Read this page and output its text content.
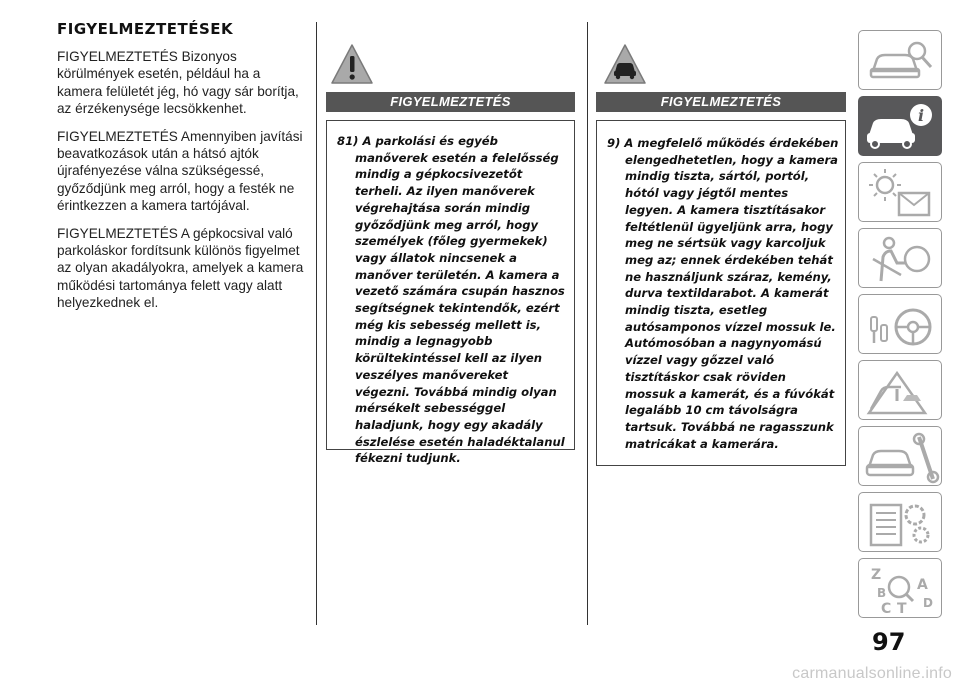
FIGYELMEZTETÉSEK

FIGYELMEZTETÉS Bizonyos körülmények esetén, például ha a kamera felületét jég, hó vagy sár borítja, az érzékenysége lecsökkenhet.

FIGYELMEZTETÉS Amennyiben javítási beavatkozások után a hátsó ajtók újrafényezése válna szükségessé, győződjünk meg arról, hogy a festék ne érintkezzen a kamera tartójával.

FIGYELMEZTETÉS A gépkocsival való parkoláskor fordítsunk különös figyelmet az olyan akadályokra, amelyek a kamera működési tartománya felett vagy alatt helyezkednek el.

FIGYELMEZTETÉS

81) A parkolási és egyéb manőverek esetén a felelősség mindig a gépkocsivezetőt terheli. Az ilyen manőverek végrehajtása során mindig győződjünk meg arról, hogy személyek (főleg gyermekek) vagy állatok nincsenek a manőver területén. A kamera a vezető számára csupán hasznos segítségnek tekintendők, ezért még kis sebesség mellett is, mindig a legnagyobb körültekintéssel kell az ilyen veszélyes manővereket végezni. Továbbá mindig olyan mérsékelt sebességgel haladjunk, hogy egy akadály észlelése esetén haladéktalanul fékezni tudjunk.

FIGYELMEZTETÉS

9) A megfelelő működés érdekében elengedhetetlen, hogy a kamera mindig tiszta, sártól, portól, hótól vagy jégtől mentes legyen. A kamera tisztításakor feltétlenül ügyeljünk arra, hogy meg ne sértsük vagy karcoljuk meg az; ennek érdekében tehát ne használjunk száraz, kemény, durva textildarabot. A kamerát mindig tiszta, esetleg autósamponos vízzel mossuk le. Autómosóban a nagynyomású vízzel vagy gőzzel való tisztításkor csak röviden mossuk a kamerát, és a fúvókát legalább 10 cm távolságra tartsuk. Továbbá ne ragasszunk matricákat a kamerára.

i
Z
A
B
C	D
T
97
carmanualsonline.info
